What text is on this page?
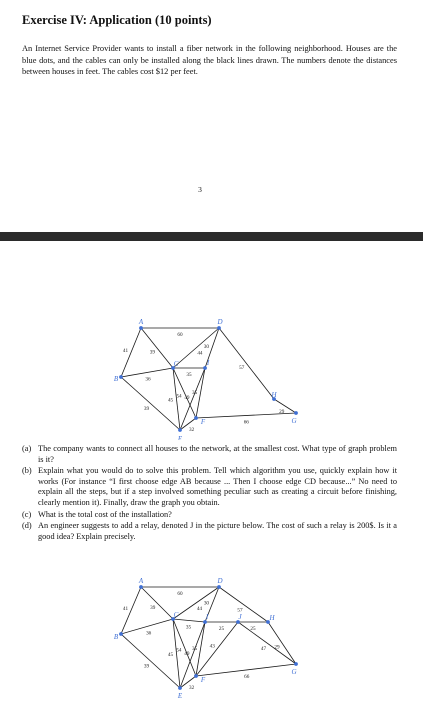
Exercise IV: Application (10 points)
An Internet Service Provider wants to install a fiber network in the following neighborhood. Houses are the blue dots, and the cables can only be installed along the black lines drawn. The numbers denote the distances between houses in feet. The cables cost $12 per feet.
3
60
41	39
36
39
44
35
45
54
30
57
49
35
32
66
29
A
B
C
D
E
F	G
H
I
(a) The company wants to connect all houses to the network, at the smallest cost. What type of graph problem is it?
(b) Explain what you would do to solve this problem. Tell which algorithm you use, quickly explain how it works (For instance “I first choose edge AB because ... Then I choose edge CD because...” No need to explain all the steps, but if a step involved something peculiar such as creating a circuit before finishing, clearly mention it). Finally, draw the graph you obtain.
(c) What is the total cost of the installation?
(d) An engineer suggests to add a relay, denoted J in the picture below. The cost of such a relay is 200$. Is it a good idea? Explain precisely.
60
41	39
36
39
44
35
45
54
30
57
49
35
32
66
29
25	25
47
43
A
B
C
D
E
F
G
H
I	J
